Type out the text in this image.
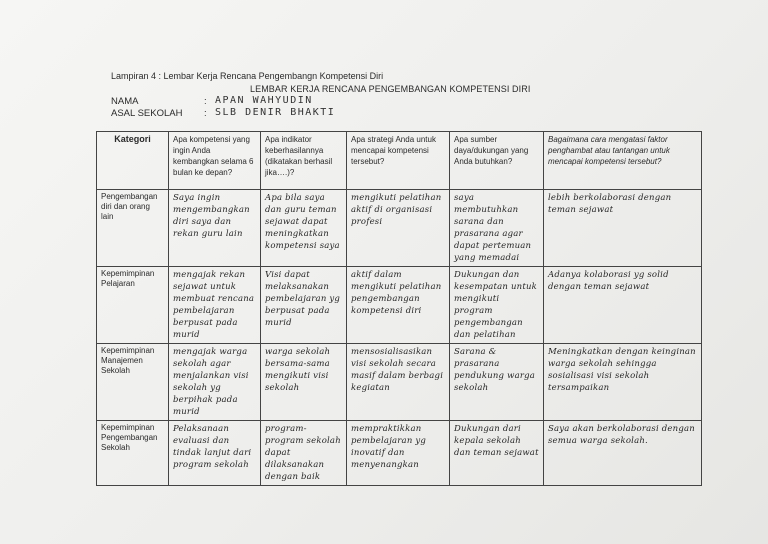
Lampiran 4 : Lembar Kerja Rencana Pengembangn Kompetensi Diri
LEMBAR KERJA RENCANA PENGEMBANGAN KOMPETENSI DIRI
NAMA	: APAN WAHYUDIN
ASAL SEKOLAH : SLB DENIR BHAKTI
Kategori	Apa kompetensi yang ingin Anda kembangkan selama 6 bulan ke depan?	Apa indikator keberhasilannya (dikatakan berhasil jika….)?	Apa strategi Anda untuk mencapai kompetensi tersebut?	Apa sumber daya/dukungan yang Anda butuhkan?	Bagaimana cara mengatasi faktor penghambat atau tantangan untuk mencapai kompetensi tersebut?
Pengembangan diri dan orang lain	Saya ingin mengembangkan diri saya dan rekan guru lain	Apa bila saya dan guru teman sejawat dapat meningkatkan kompetensi saya	mengikuti pelatihan aktif di organisasi profesi	saya membutuhkan sarana dan prasarana agar dapat pertemuan yang memadai	lebih berkolaborasi dengan teman sejawat
Kepemimpinan Pelajaran	mengajak rekan sejawat untuk membuat rencana pembelajaran berpusat pada murid	Visi dapat melaksanakan pembelajaran yg berpusat pada murid	aktif dalam mengikuti pelatihan pengembangan kompetensi diri	Dukungan dan kesempatan untuk mengikuti program pengembangan dan pelatihan	Adanya kolaborasi yg solid dengan teman sejawat
Kepemimpinan Manajemen Sekolah	mengajak warga sekolah agar menjalankan visi sekolah yg berpihak pada murid	warga sekolah bersama-sama mengikuti visi sekolah	mensosialisasikan visi sekolah secara masif dalam berbagi kegiatan	Sarana & prasarana pendukung warga sekolah	Meningkatkan dengan keinginan warga sekolah sehingga sosialisasi visi sekolah tersampaikan
Kepemimpinan Pengembangan Sekolah	Pelaksanaan evaluasi dan tindak lanjut dari program sekolah	program-program sekolah dapat dilaksanakan dengan baik	mempraktikkan pembelajaran yg inovatif dan menyenangkan	Dukungan dari kepala sekolah dan teman sejawat	Saya akan berkolaborasi dengan semua warga sekolah.
